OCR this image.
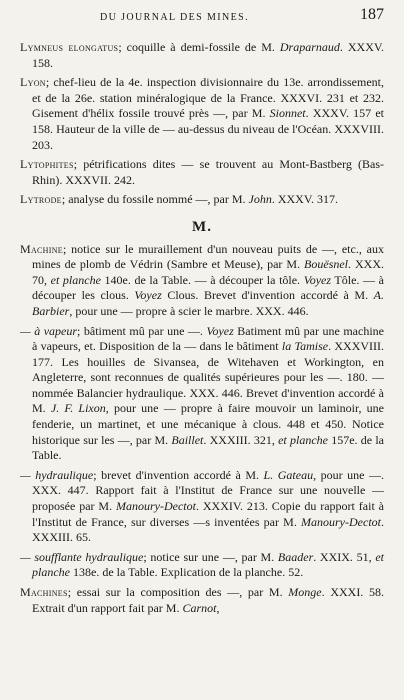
DU JOURNAL DES MINES.	187

Lymneus elongatus; coquille à demi-fossile de M. Draparnaud. XXXV. 158.

Lyon; chef-lieu de la 4e. inspection divisionnaire du 13e. arrondissement, et de la 26e. station minéralogique de la France. XXXVI. 231 et 232. Gisement d'hélix fossile trouvé près —, par M. Sionnet. XXXV. 157 et 158. Hauteur de la ville de — au-dessus du niveau de l'Océan. XXXVIII. 203.

Lytophites; pétrifications dites — se trouvent au Mont-Bastberg (Bas-Rhin). XXXVII. 242.

Lytrode; analyse du fossile nommé —, par M. John. XXXV. 317.

M.

Machine; notice sur le muraillement d'un nouveau puits de —, etc., aux mines de plomb de Védrin (Sambre et Meuse), par M. Bouësnel. XXX. 70, et planche 140e. de la Table. — à découper la tôle. Voyez Tôle. — à découper les clous. Voyez Clous. Brevet d'invention accordé à M. A. Barbier, pour une — propre à scier le marbre. XXX. 446.

— à vapeur; bâtiment mû par une —. Voyez Batiment mû par une machine à vapeurs, et. Disposition de la — dans le bâtiment la Tamise. XXXVIII. 177. Les houilles de Sivansea, de Witehaven et Workington, en Angleterre, sont reconnues de qualités supérieures pour les —. 180. — nommée Balancier hydraulique. XXX. 446. Brevet d'invention accordé à M. J. F. Lixon, pour une — propre à faire mouvoir un laminoir, une fenderie, un martinet, et une mécanique à clous. 448 et 450. Notice historique sur les —, par M. Baillet. XXXIII. 321, et planche 157e. de la Table.

— hydraulique; brevet d'invention accordé à M. L. Gateau, pour une —. XXX. 447. Rapport fait à l'Institut de France sur une nouvelle — proposée par M. Manoury-Dectot. XXXIV. 213. Copie du rapport fait à l'Institut de France, sur diverses —s inventées par M. Manoury-Dectot. XXXIII. 65.

— soufflante hydraulique; notice sur une —, par M. Baader. XXIX. 51, et planche 138e. de la Table. Explication de la planche. 52.

Machines; essai sur la composition des —, par M. Monge. XXXI. 58. Extrait d'un rapport fait par M. Carnot,
